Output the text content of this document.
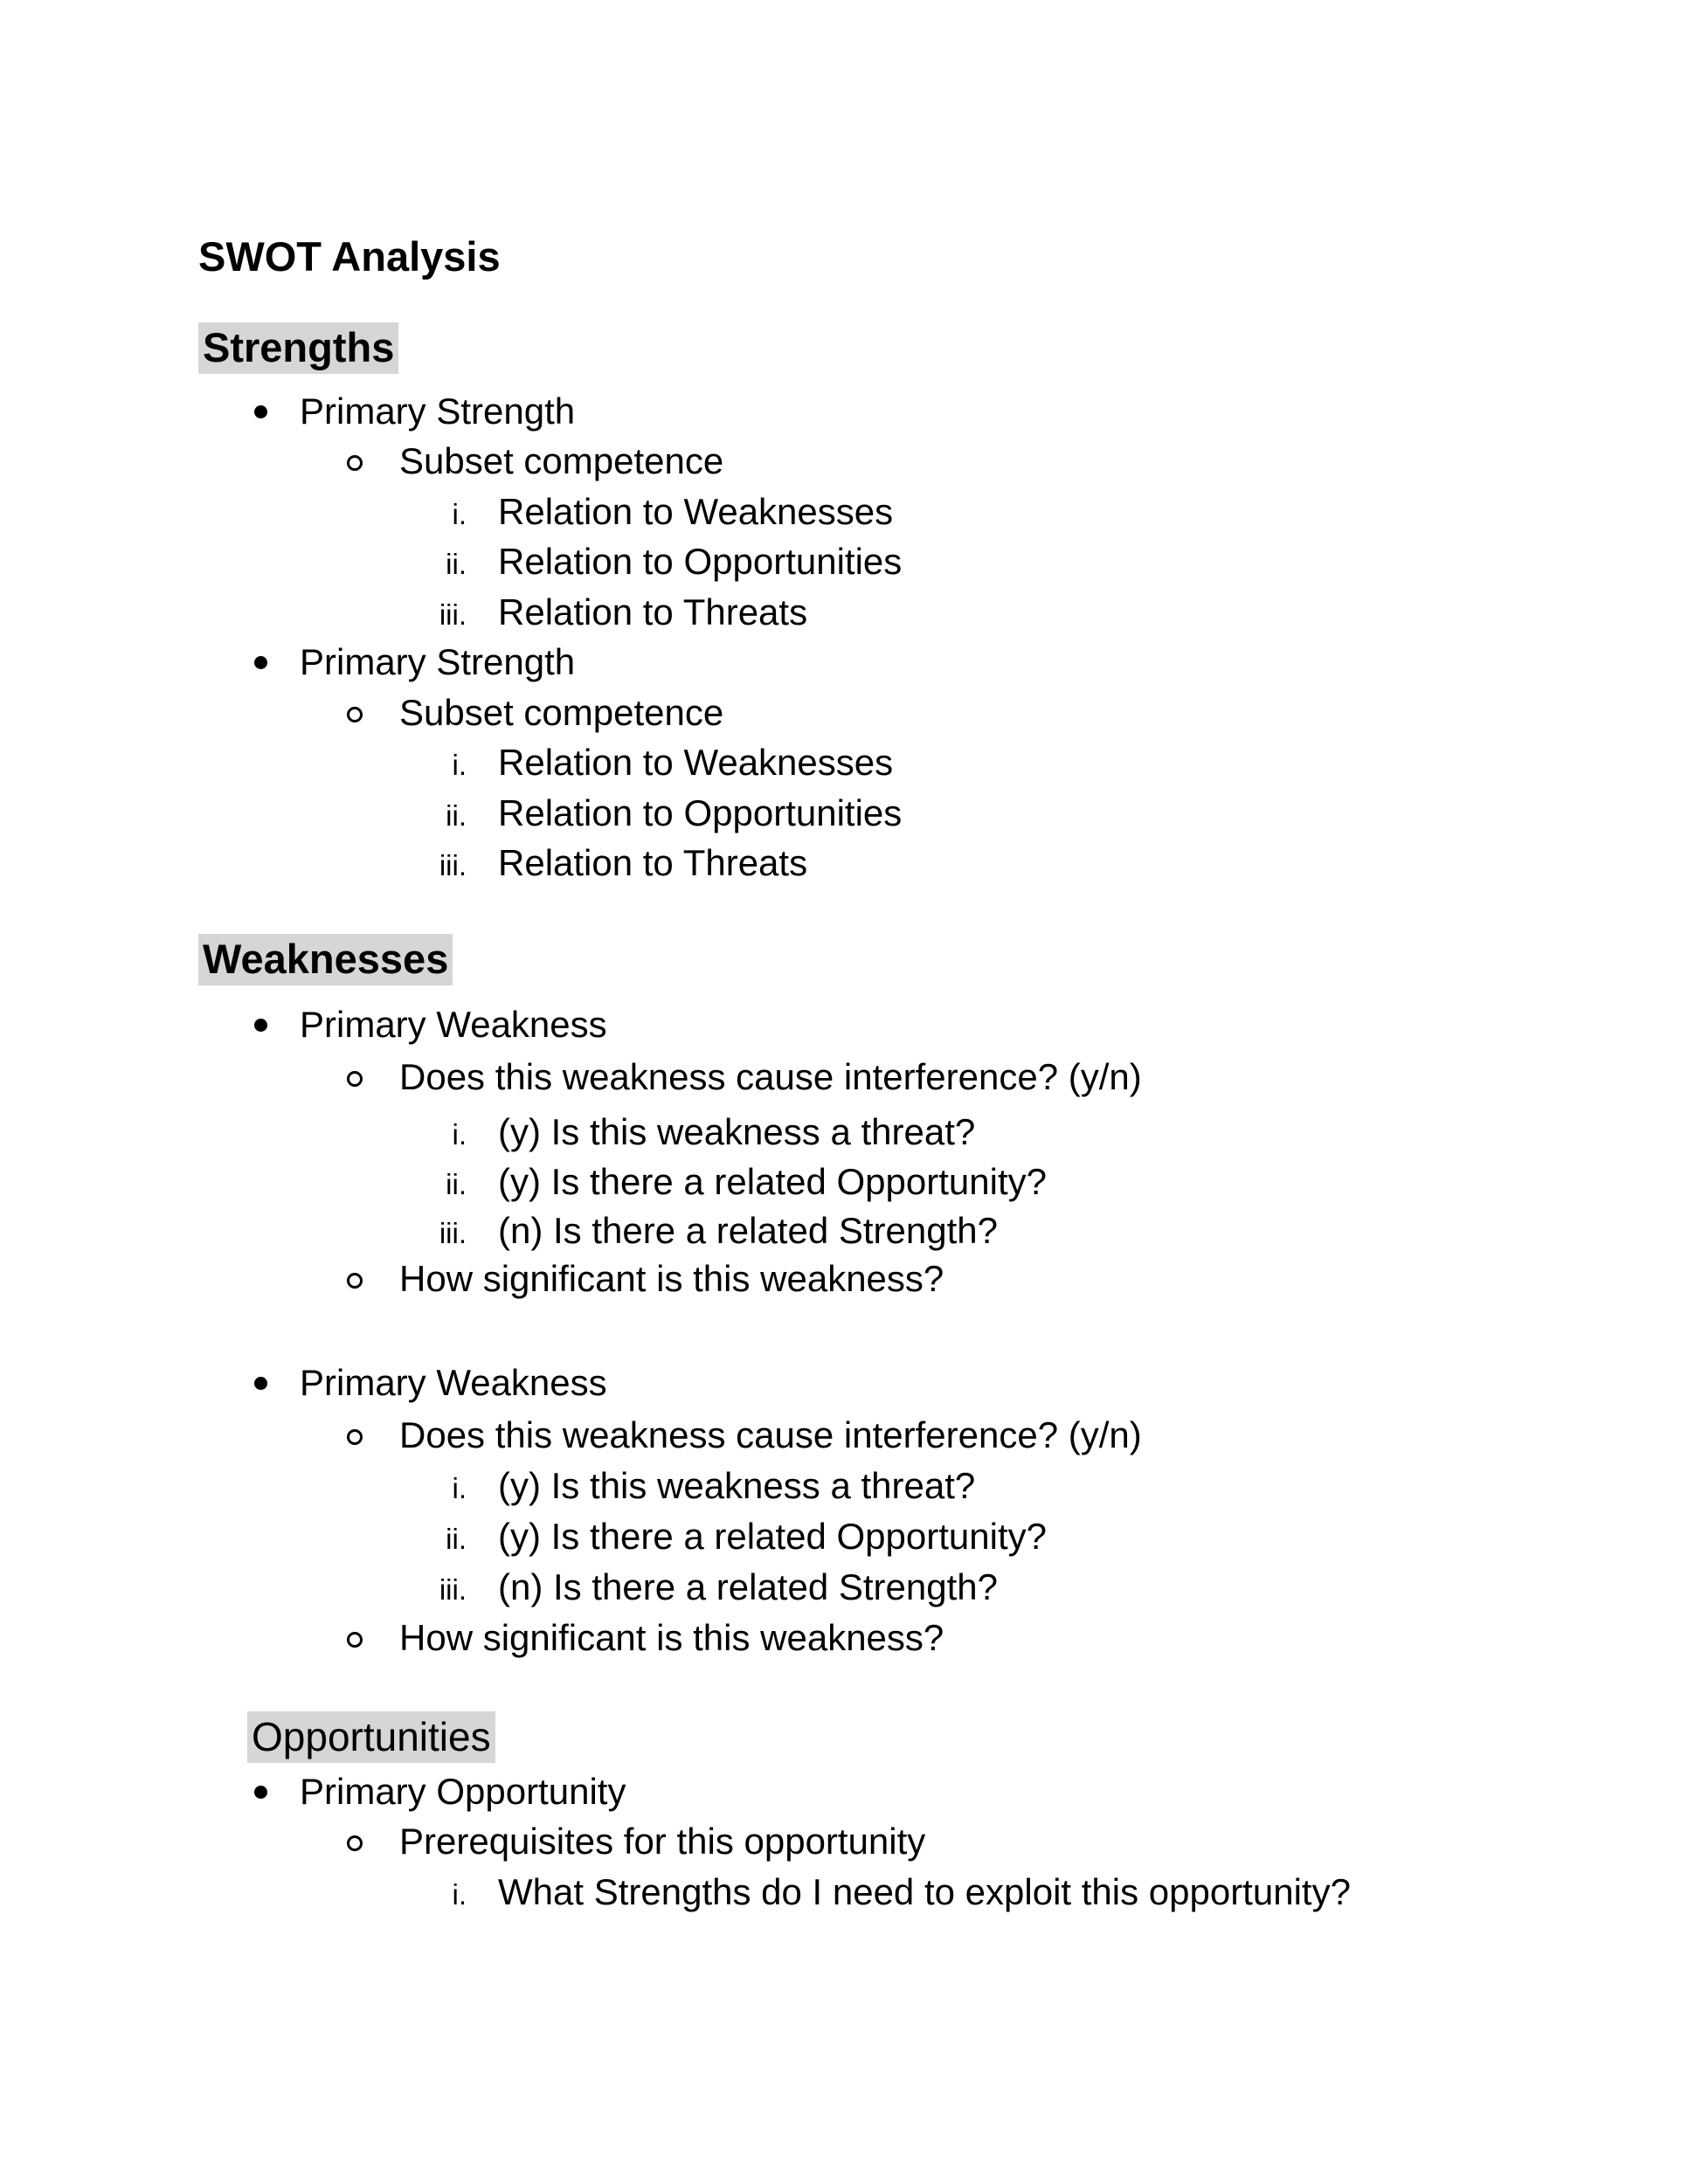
SWOT Analysis
Strengths
Primary Strength
Subset competence
i. Relation to Weaknesses
ii. Relation to Opportunities
iii. Relation to Threats
Primary Strength
Subset competence
i. Relation to Weaknesses
ii. Relation to Opportunities
iii. Relation to Threats
Weaknesses
Primary Weakness
Does this weakness cause interference? (y/n)
i. (y) Is this weakness a threat?
ii. (y) Is there a related Opportunity?
iii. (n) Is there a related Strength?
How significant is this weakness?
Primary Weakness
Does this weakness cause interference? (y/n)
i. (y) Is this weakness a threat?
ii. (y) Is there a related Opportunity?
iii. (n) Is there a related Strength?
How significant is this weakness?
Opportunities
Primary Opportunity
Prerequisites for this opportunity
i. What Strengths do I need to exploit this opportunity?
